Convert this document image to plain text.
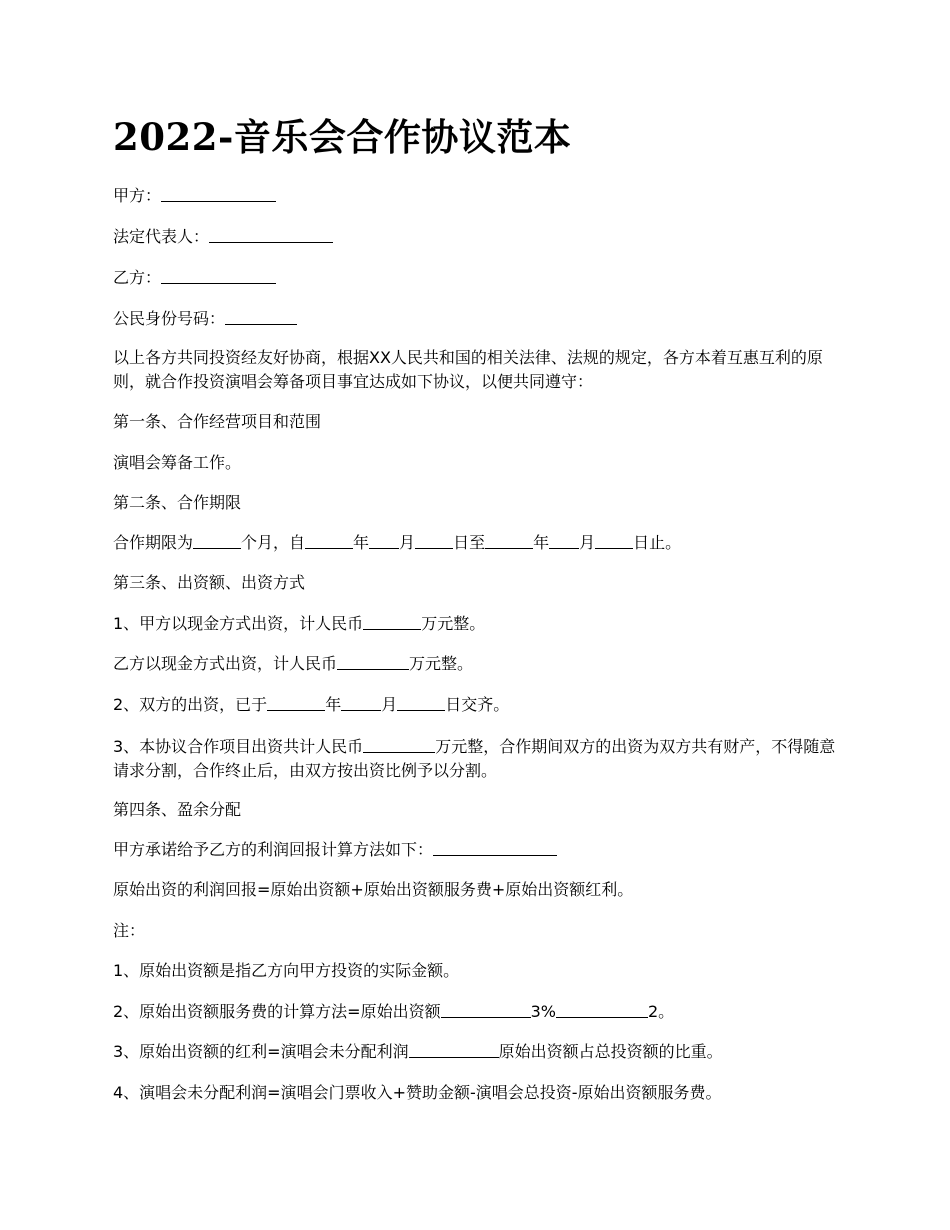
2022-音乐会合作协议范本

甲方：

法定代表人：

乙方：

公民身份号码：

以上各方共同投资经友好协商，根据XX人民共和国的相关法律、法规的规定，各方本着互惠互利的原则，就合作投资演唱会筹备项目事宜达成如下协议，以便共同遵守：

第一条、合作经营项目和范围

演唱会筹备工作。

第二条、合作期限

合作期限为	个月，自	年 月 日至	年 月 日止。

第三条、出资额、出资方式

1、甲方以现金方式出资，计人民币	万元整。

乙方以现金方式出资，计人民币	万元整。

2、双方的出资，已于	年	月	日交齐。

3、本协议合作项目出资共计人民币	万元整，合作期间双方的出资为双方共有财产，不得随意请求分割，合作终止后，由双方按出资比例予以分割。

第四条、盈余分配

甲方承诺给予乙方的利润回报计算方法如下：

原始出资的利润回报=原始出资额+原始出资额服务费+原始出资额红利。

注：

1、原始出资额是指乙方向甲方投资的实际金额。

2、原始出资额服务费的计算方法=原始出资额	3%	2。

3、原始出资额的红利=演唱会未分配利润	原始出资额占总投资额的比重。

4、演唱会未分配利润=演唱会门票收入+赞助金额-演唱会总投资-原始出资额服务费。
